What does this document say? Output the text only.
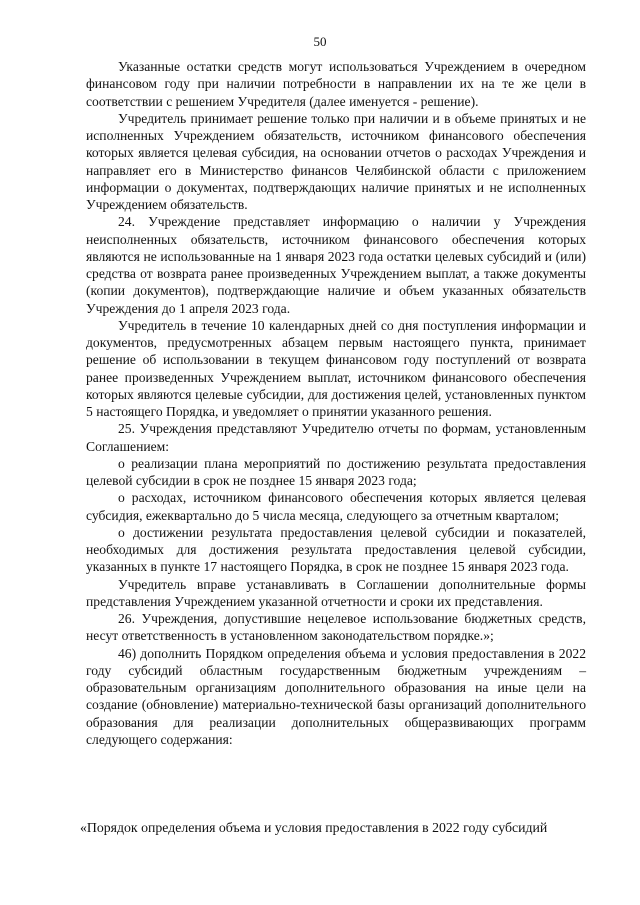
50

Указанные остатки средств могут использоваться Учреждением в очередном финансовом году при наличии потребности в направлении их на те же цели в соответствии с решением Учредителя (далее именуется - решение).

Учредитель принимает решение только при наличии и в объеме принятых и не исполненных Учреждением обязательств, источником финансового обеспечения которых является целевая субсидия, на основании отчетов о расходах Учреждения и направляет его в Министерство финансов Челябинской области с приложением информации о документах, подтверждающих наличие принятых и не исполненных Учреждением обязательств.

24. Учреждение представляет информацию о наличии у Учреждения неисполненных обязательств, источником финансового обеспечения которых являются не использованные на 1 января 2023 года остатки целевых субсидий и (или) средства от возврата ранее произведенных Учреждением выплат, а также документы (копии документов), подтверждающие наличие и объем указанных обязательств Учреждения до 1 апреля 2023 года.

Учредитель в течение 10 календарных дней со дня поступления информации и документов, предусмотренных абзацем первым настоящего пункта, принимает решение об использовании в текущем финансовом году поступлений от возврата ранее произведенных Учреждением выплат, источником финансового обеспечения которых являются целевые субсидии, для достижения целей, установленных пунктом 5 настоящего Порядка, и уведомляет о принятии указанного решения.

25. Учреждения представляют Учредителю отчеты по формам, установленным Соглашением:

о реализации плана мероприятий по достижению результата предоставления целевой субсидии в срок не позднее 15 января 2023 года;

о расходах, источником финансового обеспечения которых является целевая субсидия, ежеквартально до 5 числа месяца, следующего за отчетным кварталом;

о достижении результата предоставления целевой субсидии и показателей, необходимых для достижения результата предоставления целевой субсидии, указанных в пункте 17 настоящего Порядка, в срок не позднее 15 января 2023 года.

Учредитель вправе устанавливать в Соглашении дополнительные формы представления Учреждением указанной отчетности и сроки их представления.

26. Учреждения, допустившие нецелевое использование бюджетных средств, несут ответственность в установленном законодательством порядке.»;

46) дополнить Порядком определения объема и условия предоставления в 2022 году субсидий областным государственным бюджетным учреждениям – образовательным организациям дополнительного образования на иные цели на создание (обновление) материально-технической базы организаций дополнительного образования для реализации дополнительных общеразвивающих программ следующего содержания:

«Порядок определения объема и условия предоставления в 2022 году субсидий
